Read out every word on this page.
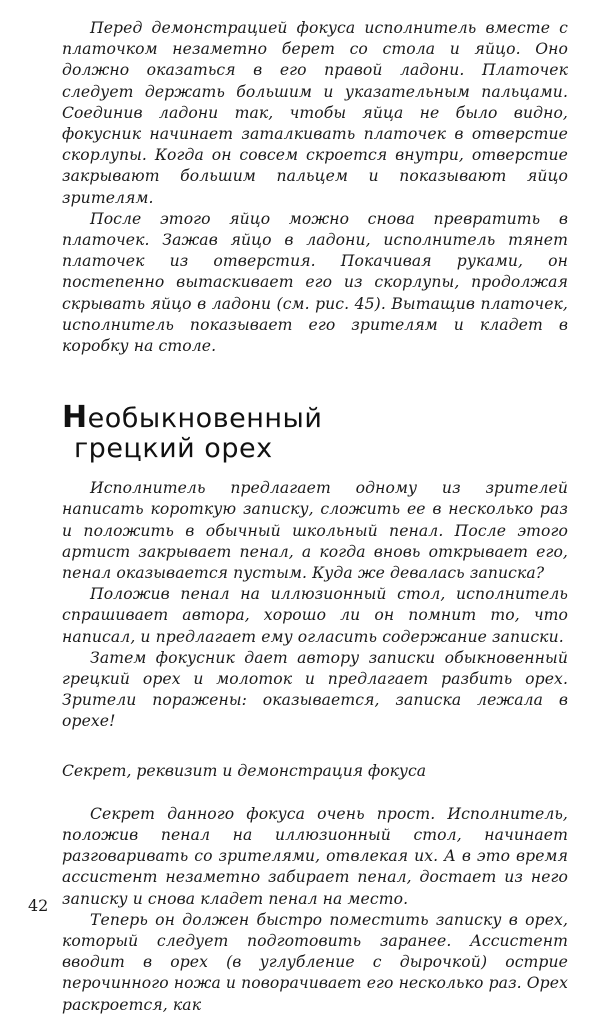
Перед демонстрацией фокуса исполнитель вместе с платочком незаметно берет со стола и яйцо. Оно должно оказаться в его правой ладони. Платочек следует держать большим и указательным пальцами. Соединив ладони так, чтобы яйца не было видно, фокусник начинает заталкивать платочек в отверстие скорлупы. Когда он совсем скроется внутри, отверстие закрывают большим пальцем и показывают яйцо зрителям.

После этого яйцо можно снова превратить в платочек. Зажав яйцо в ладони, исполнитель тянет платочек из отверстия. Покачивая руками, он постепенно вытаскивает его из скорлупы, продолжая скрывать яйцо в ладони (см. рис. 45). Вытащив платочек, исполнитель показывает его зрителям и кладет в коробку на столе.

Необыкновенный
грецкий орех

Исполнитель предлагает одному из зрителей написать короткую записку, сложить ее в несколько раз и положить в обычный школьный пенал. После этого артист закрывает пенал, а когда вновь открывает его, пенал оказывается пустым. Куда же девалась записка?

Положив пенал на иллюзионный стол, исполнитель спрашивает автора, хорошо ли он помнит то, что написал, и предлагает ему огласить содержание записки.

Затем фокусник дает автору записки обыкновенный грецкий орех и молоток и предлагает разбить орех. Зрители поражены: оказывается, записка лежала в орехе!

Секрет, реквизит и демонстрация фокуса

Секрет данного фокуса очень прост. Исполнитель, положив пенал на иллюзионный стол, начинает разговаривать со зрителями, отвлекая их. А в это время ассистент незаметно забирает пенал, достает из него записку и снова кладет пенал на место.

Теперь он должен быстро поместить записку в орех, который следует подготовить заранее. Ассистент вводит в орех (в углубление с дырочкой) острие перочинного ножа и поворачивает его несколько раз. Орех раскроется, как

42
